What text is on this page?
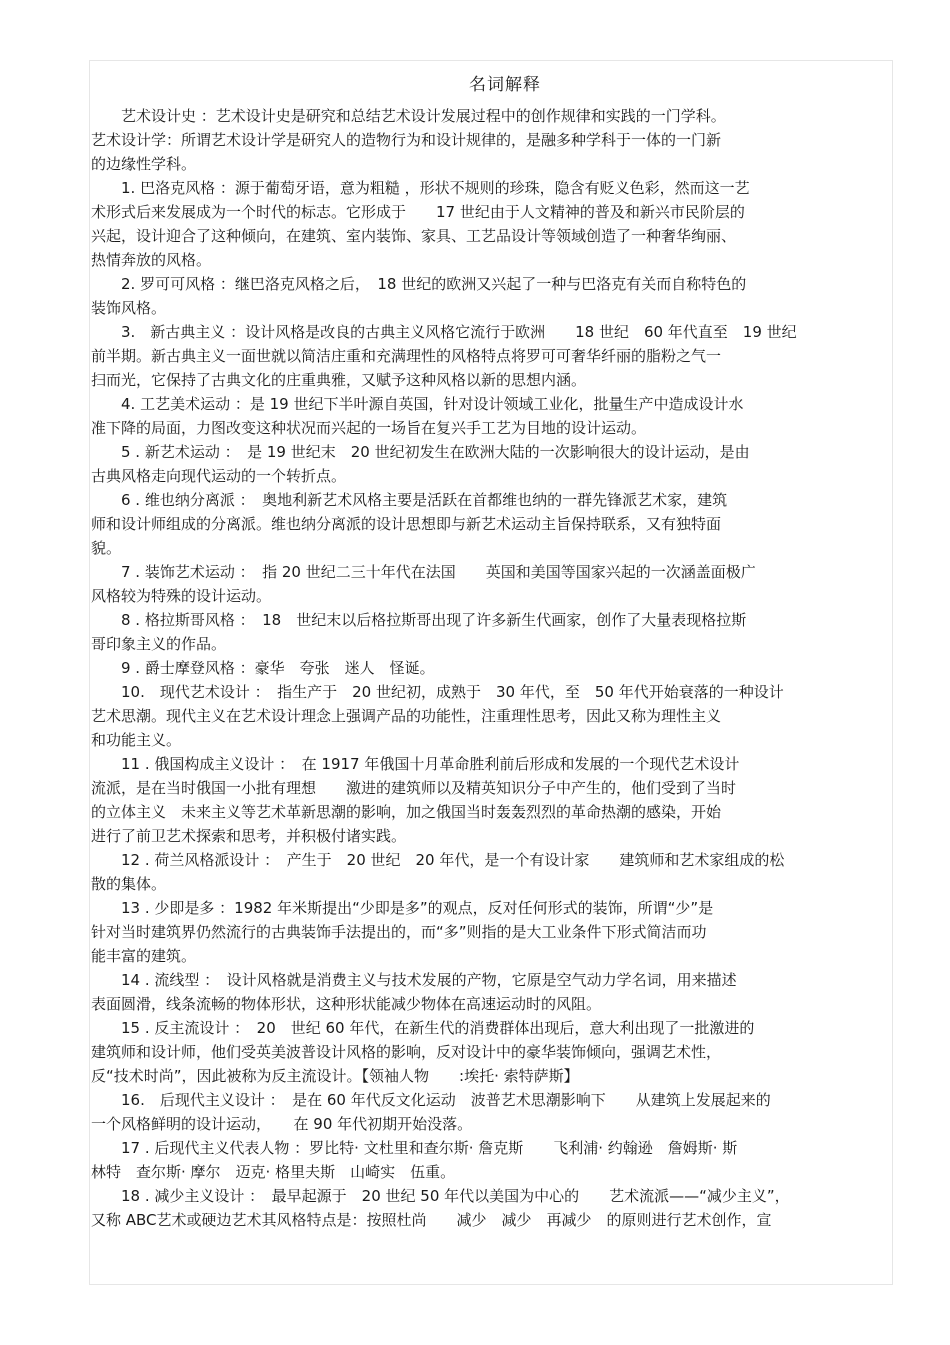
名词解释
艺术设计史 ：艺术设计史是研究和总结艺术设计发展过程中的创作规律和实践的一门学科。
艺术设计学：所谓艺术设计学是研究人的造物行为和设计规律的，是融多种学科于一体的一门新
的边缘性学科。
1. 巴洛克风格 ：源于葡萄牙语，意为粗糙 ，形状不规则的珍珠，隐含有贬义色彩，然而这一艺
术形式后来发展成为一个时代的标志。它形成于　　17 世纪由于人文精神的普及和新兴市民阶层的
兴起，设计迎合了这种倾向，在建筑、室内装饰、家具、工艺品设计等领域创造了一种奢华绚丽、
热情奔放的风格。
2. 罗可可风格 ：继巴洛克风格之后，　18 世纪的欧洲又兴起了一种与巴洛克有关而自称特色的
装饰风格。
3.　新古典主义 ：设计风格是改良的古典主义风格它流行于欧洲　　18 世纪　60 年代直至　19 世纪
前半期。新古典主义一面世就以简洁庄重和充满理性的风格特点将罗可可奢华纤丽的脂粉之气一
扫而光，它保持了古典文化的庄重典雅，又赋予这种风格以新的思想内涵。
4. 工艺美术运动 ：是 19 世纪下半叶源自英国，针对设计领域工业化，批量生产中造成设计水
准下降的局面，力图改变这种状况而兴起的一场旨在复兴手工艺为目地的设计运动。
5 . 新艺术运动 ：　是 19 世纪末　20 世纪初发生在欧洲大陆的一次影响很大的设计运动，是由
古典风格走向现代运动的一个转折点。
6 . 维也纳分离派 ：　奥地利新艺术风格主要是活跃在首都维也纳的一群先锋派艺术家，建筑
师和设计师组成的分离派。维也纳分离派的设计思想即与新艺术运动主旨保持联系，又有独特面
貌。
7 . 装饰艺术运动 ：　指 20 世纪二三十年代在法国　　英国和美国等国家兴起的一次涵盖面极广
风格较为特殊的设计运动。
8 . 格拉斯哥风格 ：　18　世纪末以后格拉斯哥出现了许多新生代画家，创作了大量表现格拉斯
哥印象主义的作品。
9 . 爵士摩登风格 ：豪华　夸张　迷人　怪诞。
10.　现代艺术设计 ：　指生产于　20 世纪初，成熟于　30 年代，至　50 年代开始衰落的一种设计
艺术思潮。现代主义在艺术设计理念上强调产品的功能性，注重理性思考，因此又称为理性主义
和功能主义。
11 . 俄国构成主义设计 ：　在 1917 年俄国十月革命胜利前后形成和发展的一个现代艺术设计
流派，是在当时俄国一小批有理想　　激进的建筑师以及精英知识分子中产生的，他们受到了当时
的立体主义　未来主义等艺术革新思潮的影响，加之俄国当时轰轰烈烈的革命热潮的感染，开始
进行了前卫艺术探索和思考，并积极付诸实践。
12 . 荷兰风格派设计 ：　产生于　20 世纪　20 年代，是一个有设计家　　建筑师和艺术家组成的松
散的集体。
13 . 少即是多 ：1982 年米斯提出“少即是多”的观点，反对任何形式的装饰，所谓“少”是
针对当时建筑界仍然流行的古典装饰手法提出的，而“多”则指的是大工业条件下形式简洁而功
能丰富的建筑。
14 . 流线型 ：　设计风格就是消费主义与技术发展的产物，它原是空气动力学名词，用来描述
表面圆滑，线条流畅的物体形状，这种形状能减少物体在高速运动时的风阻。
15 . 反主流设计 ：　20　世纪 60 年代，在新生代的消费群体出现后，意大利出现了一批激进的
建筑师和设计师，他们受英美波普设计风格的影响，反对设计中的豪华装饰倾向，强调艺术性，
反“技术时尚”，因此被称为反主流设计。【领袖人物　　:埃托· 索特萨斯】
16.　后现代主义设计 ：　是在 60 年代反文化运动　波普艺术思潮影响下　　从建筑上发展起来的
一个风格鲜明的设计运动，　　在 90 年代初期开始没落。
17 . 后现代主义代表人物 ：罗比特· 文杜里和查尔斯· 詹克斯　　飞利浦· 约翰逊　詹姆斯· 斯
林特　查尔斯· 摩尔　迈克· 格里夫斯　山崎实　伍重。
18 . 减少主义设计 ：　最早起源于　20 世纪 50 年代以美国为中心的　　艺术流派——“减少主义”，
又称 ABC艺术或硬边艺术其风格特点是：按照杜尚　　减少　减少　再减少　的原则进行艺术创作，宣
